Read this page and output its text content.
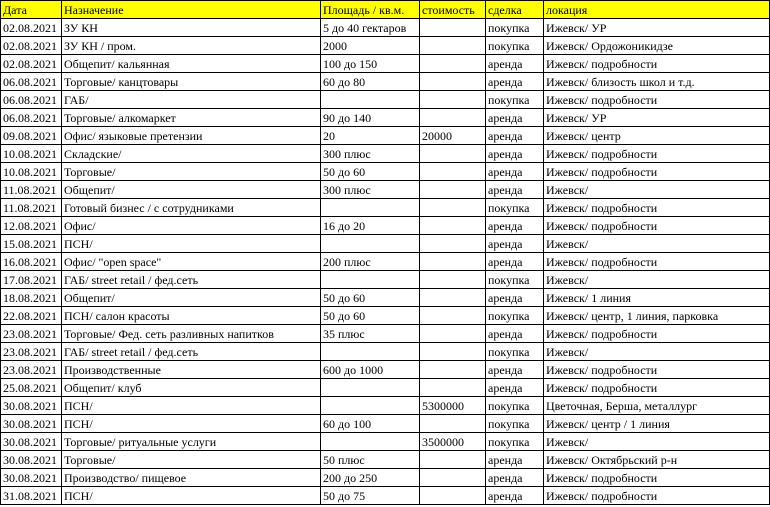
Дата	Назначение	Площадь / кв.м.	стоимость	сделка	локация
02.08.2021	ЗУ КН	5 до 40 гектаров		покупка	Ижевск/ УР
02.08.2021	ЗУ КН / пром.	2000		покупка	Ижевск/ Ордожоникидзе
02.08.2021	Общепит/ кальянная	100 до 150		аренда	Ижевск/ подробности
06.08.2021	Торговые/ канцтовары	60 до 80		аренда	Ижевск/ близость школ и т.д.
06.08.2021	ГАБ/			покупка	Ижевск/ подробности
06.08.2021	Торговые/ алкомаркет	90 до 140		аренда	Ижевск/ УР
09.08.2021	Офис/ языковые претензии	20	20000	аренда	Ижевск/ центр
10.08.2021	Складские/	300 плюс		аренда	Ижевск/ подробности
10.08.2021	Торговые/	50 до 60		аренда	Ижевск/ подробности
11.08.2021	Общепит/	300 плюс		аренда	Ижевск/
11.08.2021	Готовый бизнес / с сотрудниками			покупка	Ижевск/ подробности
12.08.2021	Офис/	16 до 20		аренда	Ижевск/ подробности
15.08.2021	ПСН/			аренда	Ижевск/
16.08.2021	Офис/ "open space"	200 плюс		аренда	Ижевск/ подробности
17.08.2021	ГАБ/ street retail / фед.сеть			покупка	Ижевск/
18.08.2021	Общепит/	50 до 60		аренда	Ижевск/ 1 линия
22.08.2021	ПСН/ салон красоты	50 до 60		покупка	Ижевск/ центр, 1 линия, парковка
23.08.2021	Торговые/ Фед. сеть разливных напитков	35 плюс		аренда	Ижевск/ подробности
23.08.2021	ГАБ/ street retail / фед.сеть			покупка	Ижевск/
23.08.2021	Производственные	600 до 1000		аренда	Ижевск/ подробности
25.08.2021	Общепит/ клуб			аренда	Ижевск/ подробности
30.08.2021	ПСН/		5300000	покупка	Цветочная, Берша, металлург
30.08.2021	ПСН/	60 до 100		покупка	Ижевск/ центр / 1 линия
30.08.2021	Торговые/ ритуальные услуги		3500000	покупка	Ижевск/
30.08.2021	Торговые/	50 плюс		аренда	Ижевск/ Октябрьский р-н
30.08.2021	Производство/ пищевое	200 до 250		аренда	Ижевск/ подробности
31.08.2021	ПСН/	50 до 75		аренда	Ижевск/ подробности
